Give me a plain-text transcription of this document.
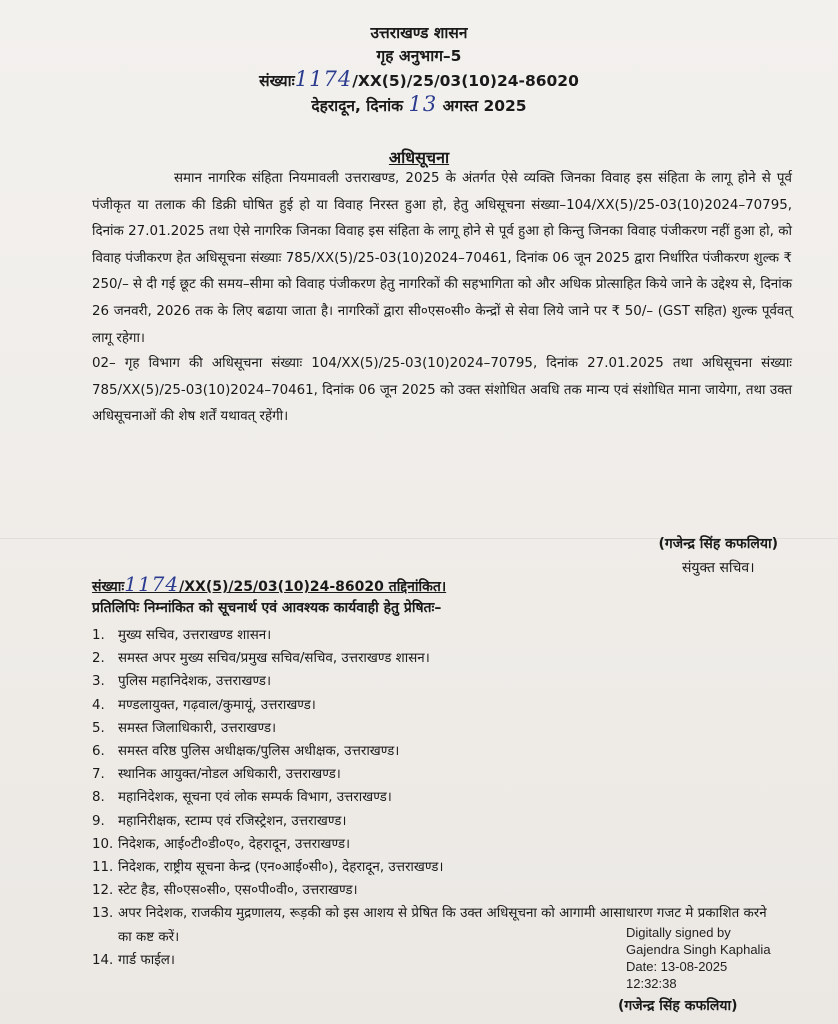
उत्तराखण्ड शासन
गृह अनुभाग–5
संख्याः1174/XX(5)/25/03(10)24-86020
देहरादून, दिनांक 13 अगस्त 2025
अधिसूचना

समान नागरिक संहिता नियमावली उत्तराखण्ड, 2025 के अंतर्गत ऐसे व्यक्ति जिनका विवाह इस संहिता के लागू होने से पूर्व पंजीकृत या तलाक की डिक्री घोषित हुई हो या विवाह निरस्त हुआ हो, हेतु अधिसूचना संख्या–104/XX(5)/25-03(10)2024–70795, दिनांक 27.01.2025 तथा ऐसे नागरिक जिनका विवाह इस संहिता के लागू होने से पूर्व हुआ हो किन्तु जिनका विवाह पंजीकरण नहीं हुआ हो, को विवाह पंजीकरण हेत अधिसूचना संख्याः 785/XX(5)/25-03(10)2024–70461, दिनांक 06 जून 2025 द्वारा निर्धारित पंजीकरण शुल्क ₹ 250/– से दी गई छूट की समय–सीमा को विवाह पंजीकरण हेतु नागरिकों की सहभागिता को और अधिक प्रोत्साहित किये जाने के उद्देश्य से, दिनांक 26 जनवरी, 2026 तक के लिए बढाया जाता है। नागरिकों द्वारा सी०एस०सी० केन्द्रों से सेवा लिये जाने पर ₹ 50/– (GST सहित) शुल्क पूर्ववत् लागू रहेगा।

02– गृह विभाग की अधिसूचना संख्याः 104/XX(5)/25-03(10)2024–70795, दिनांक 27.01.2025 तथा अधिसूचना संख्याः 785/XX(5)/25-03(10)2024–70461, दिनांक 06 जून 2025 को उक्त संशोधित अवधि तक मान्य एवं संशोधित माना जायेगा, तथा उक्त अधिसूचनाओं की शेष शर्तें यथावत् रहेंगी।

(गजेन्द्र सिंह कफलिया)
संयुक्त सचिव।
संख्याः1174/XX(5)/25/03(10)24-86020 तद्दिनांकित।
प्रतिलिपिः निम्नांकित को सूचनार्थ एवं आवश्यक कार्यवाही हेतु प्रेषितः–
1. मुख्य सचिव, उत्तराखण्ड शासन।
2. समस्त अपर मुख्य सचिव/प्रमुख सचिव/सचिव, उत्तराखण्ड शासन।
3. पुलिस महानिदेशक, उत्तराखण्ड।
4. मण्डलायुक्त, गढ़वाल/कुमायूं, उत्तराखण्ड।
5. समस्त जिलाधिकारी, उत्तराखण्ड।
6. समस्त वरिष्ठ पुलिस अधीक्षक/पुलिस अधीक्षक, उत्तराखण्ड।
7. स्थानिक आयुक्त/नोडल अधिकारी, उत्तराखण्ड।
8. महानिदेशक, सूचना एवं लोक सम्पर्क विभाग, उत्तराखण्ड।
9. महानिरीक्षक, स्टाम्प एवं रजिस्ट्रेशन, उत्तराखण्ड।
10. निदेशक, आई०टी०डी०ए०, देहरादून, उत्तराखण्ड।
11. निदेशक, राष्ट्रीय सूचना केन्द्र (एन०आई०सी०), देहरादून, उत्तराखण्ड।
12. स्टेट हैड, सी०एस०सी०, एस०पी०वी०, उत्तराखण्ड।
13. अपर निदेशक, राजकीय मुद्रणालय, रूड़की को इस आशय से प्रेषित कि उक्त अधिसूचना को आगामी आसाधारण गजट मे प्रकाशित करने का कष्ट करें।
14. गार्ड फाईल।
Digitally signed by
Gajendra Singh Kaphalia
Date: 13-08-2025
12:32:38
(गजेन्द्र सिंह कफलिया)
